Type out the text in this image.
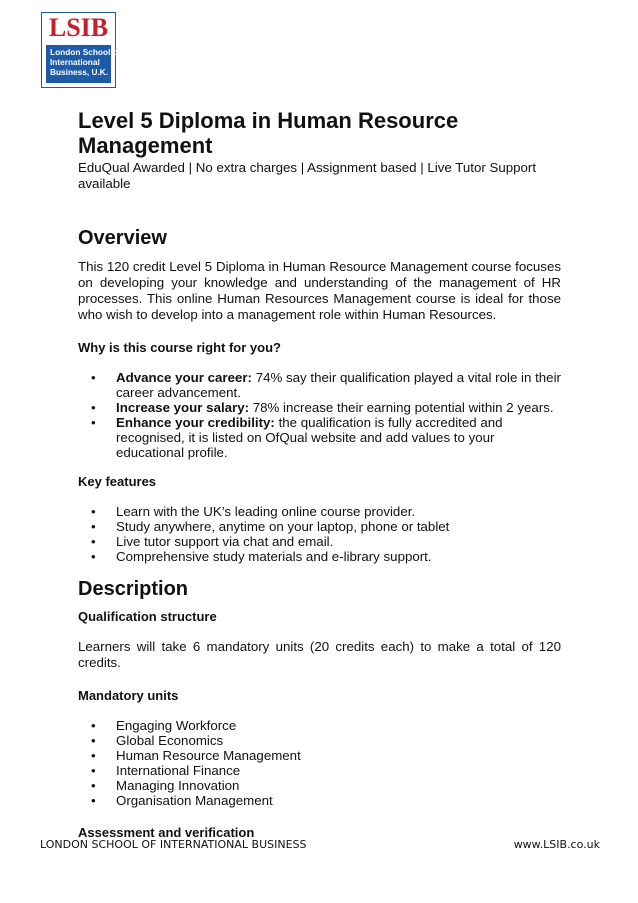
LSIB
London School of
International
Business, U.K.
Level 5 Diploma in Human Resource Management
EduQual Awarded | No extra charges | Assignment based | Live Tutor Support available
Overview

This 120 credit Level 5 Diploma in Human Resource Management course focuses on developing your knowledge and understanding of the management of HR processes. This online Human Resources Management course is ideal for those who wish to develop into a management role within Human Resources.

Why is this course right for you?
• Advance your career: 74% say their qualification played a vital role in their career advancement.
• Increase your salary: 78% increase their earning potential within 2 years.
• Enhance your credibility: the qualification is fully accredited and recognised, it is listed on OfQual website and add values to your educational profile.
Key features
• Learn with the UK’s leading online course provider.
• Study anywhere, anytime on your laptop, phone or tablet
• Live tutor support via chat and email.
• Comprehensive study materials and e-library support.
Description
Qualification structure

Learners will take 6 mandatory units (20 credits each) to make a total of 120 credits.

Mandatory units
• Engaging Workforce
• Global Economics
• Human Resource Management
• International Finance
• Managing Innovation
• Organisation Management
Assessment and verification
LONDON SCHOOL OF INTERNATIONAL BUSINESS	www.LSIB.co.uk
